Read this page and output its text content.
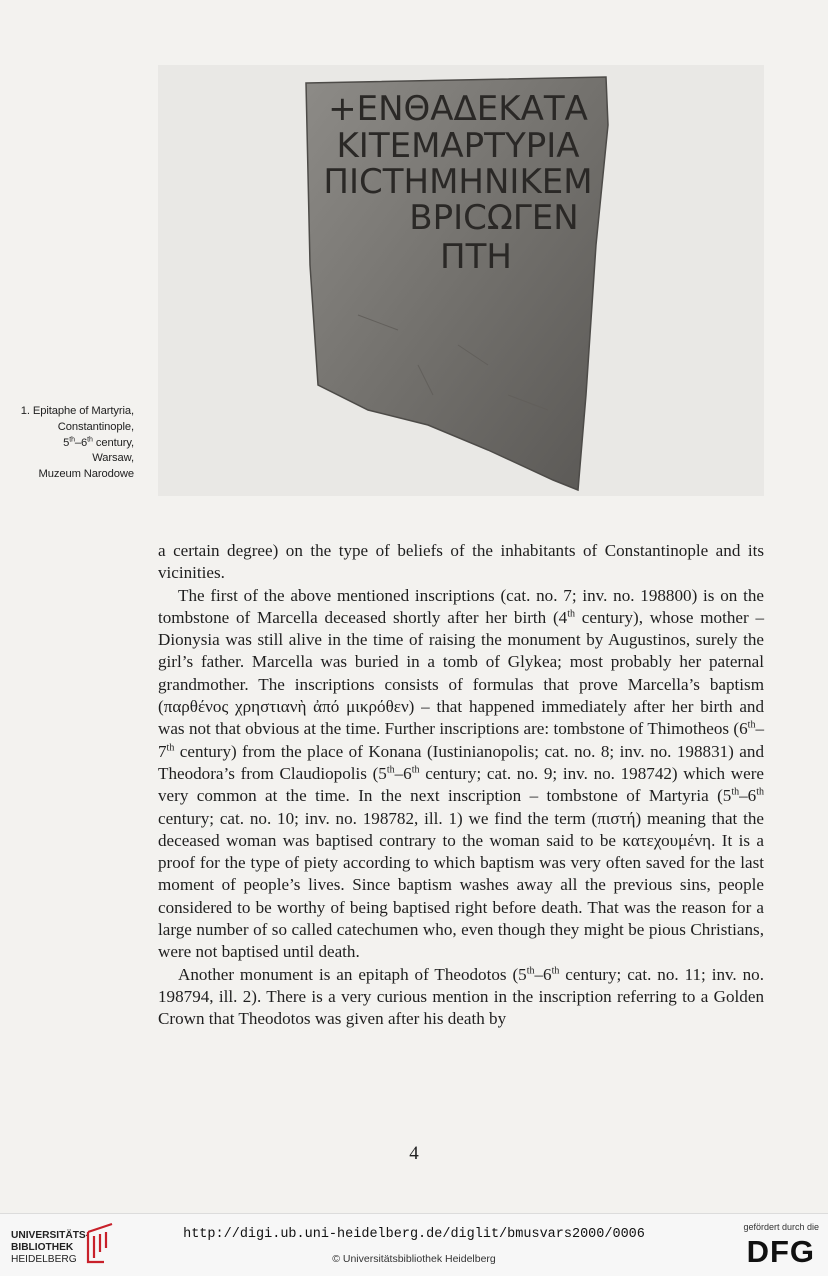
+ЕΝΘΑΔΕΚΑΤΑ
ΚΙΤΕΜΑΡΤΥΡΙΑ
ΠΙCΤΗΜΗΝΙΚΕΜ
ΒΡΙCΩΓΕΝ
ΠΤΗ
1. Epitaphe of Martyria,
Constantinople,
5th–6th century,
Warsaw,
Muzeum Narodowe

a certain degree) on the type of beliefs of the inhabitants of Constantinople and its vicinities.

The first of the above mentioned inscriptions (cat. no. 7; inv. no. 198800) is on the tombstone of Marcella deceased shortly after her birth (4th century), whose mother – Dionysia was still alive in the time of raising the monument by Augustinos, surely the girl’s father. Marcella was buried in a tomb of Glykea; most probably her paternal grandmother. The inscriptions consists of formulas that prove Marcella’s baptism (παρθένος χρηστιανὴ ἀπό μικρόθεν) – that happened immediately after her birth and was not that obvious at the time. Further inscriptions are: tombstone of Thimotheos (6th–7th century) from the place of Konana (Iustinianopolis; cat. no. 8; inv. no. 198831) and Theodora’s from Claudiopolis (5th–6th century; cat. no. 9; inv. no. 198742) which were very common at the time. In the next inscription – tombstone of Martyria (5th–6th century; cat. no. 10; inv. no. 198782, ill. 1) we find the term (πιστή) meaning that the deceased woman was baptised contrary to the woman said to be κατεχουμένη. It is a proof for the type of piety according to which baptism was very often saved for the last moment of people’s lives. Since baptism washes away all the previous sins, people considered to be worthy of being baptised right before death. That was the reason for a large number of so called catechumen who, even though they might be pious Christians, were not baptised until death.

Another monument is an epitaph of Theodotos (5th–6th century; cat. no. 11; inv. no. 198794, ill. 2). There is a very curious mention in the inscription referring to a Golden Crown that Theodotos was given after his death by

4
UNIVERSITÄTS-
BIBLIOTHEK
HEIDELBERG
http://digi.ub.uni-heidelberg.de/diglit/bmusvars2000/0006
© Universitätsbibliothek Heidelberg
gefördert durch die
DFG
